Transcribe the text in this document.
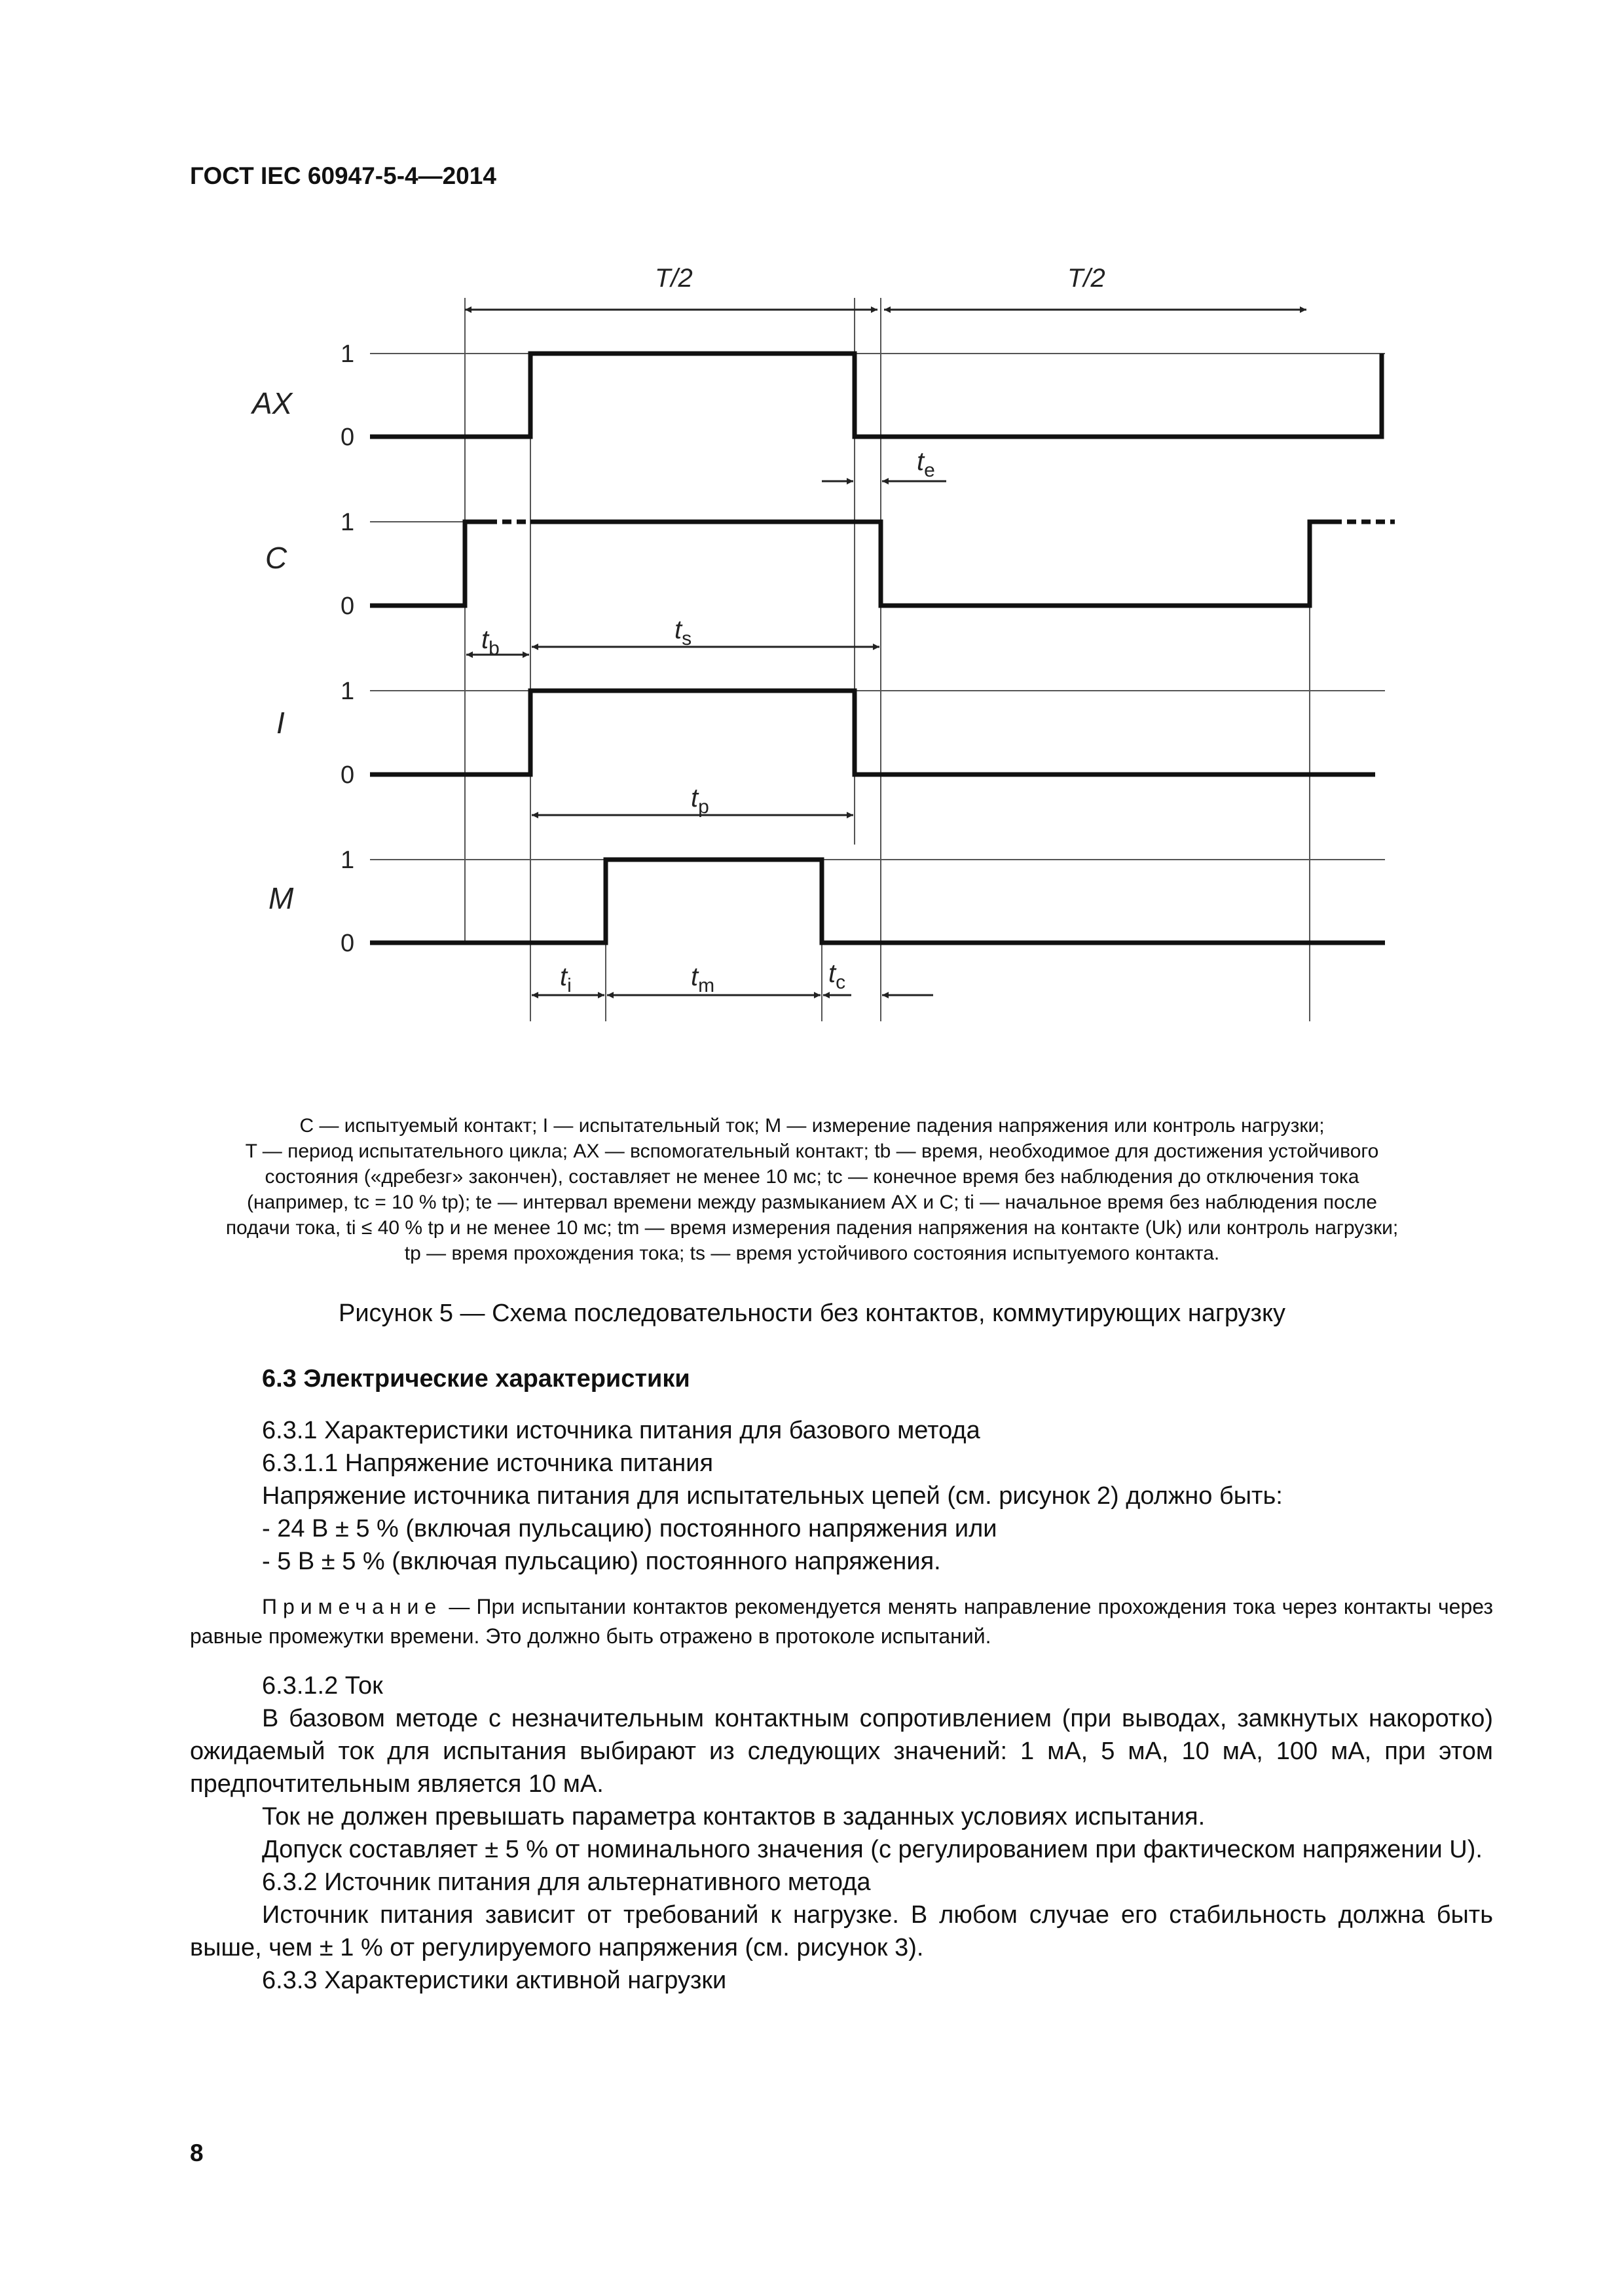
ГОСТ IEC 60947-5-4—2014
T/2	T/2
AX
C
I
M
1
0
1
0
1
0
1
0
$t_e$
$t_b$
$t_s$
$t_p$
$t_i$	$t_m$	$t_c$
C — испытуемый контакт; I — испытательный ток; M — измерение падения напряжения или контроль нагрузки;
T — период испытательного цикла; AX — вспомогательный контакт; tb — время, необходимое для достижения устойчивого
состояния («дребезг» закончен), составляет не менее 10 мс; tc — конечное время без наблюдения до отключения тока
(например, tc = 10 % tp); te — интервал времени между размыканием AX и C; ti — начальное время без наблюдения после
подачи тока, ti ≤ 40 % tp и не менее 10 мс; tm — время измерения падения напряжения на контакте (Uk) или контроль нагрузки;
tp — время прохождения тока; ts — время устойчивого состояния испытуемого контакта.
Рисунок 5 — Схема последовательности без контактов, коммутирующих нагрузку
6.3 Электрические характеристики

6.3.1 Характеристики источника питания для базового метода

6.3.1.1 Напряжение источника питания

Напряжение источника питания для испытательных цепей (см. рисунок 2) должно быть:

- 24 В ± 5 % (включая пульсацию) постоянного напряжения или

- 5 В ± 5 % (включая пульсацию) постоянного напряжения.

Примечание — При испытании контактов рекомендуется менять направление прохождения тока через контакты через равные промежутки времени. Это должно быть отражено в протоколе испытаний.

6.3.1.2 Ток

В базовом методе с незначительным контактным сопротивлением (при выводах, замкнутых накоротко) ожидаемый ток для испытания выбирают из следующих значений: 1 мА, 5 мА, 10 мА, 100 мА, при этом предпочтительным является 10 мА.

Ток не должен превышать параметра контактов в заданных условиях испытания.

Допуск составляет ± 5 % от номинального значения (с регулированием при фактическом напряжении U).

6.3.2 Источник питания для альтернативного метода

Источник питания зависит от требований к нагрузке. В любом случае его стабильность должна быть выше, чем ± 1 % от регулируемого напряжения (см. рисунок 3).

6.3.3 Характеристики активной нагрузки

8
